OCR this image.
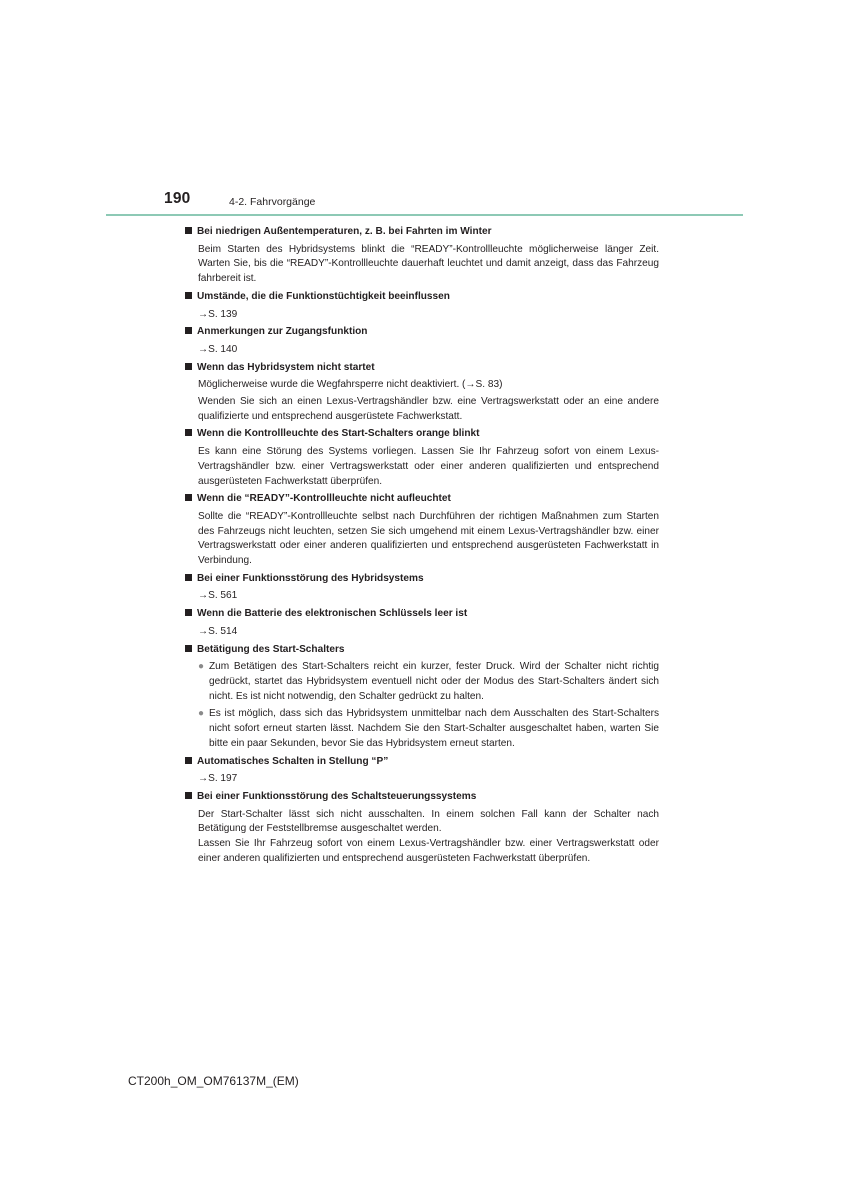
190	4-2. Fahrvorgänge
Bei niedrigen Außentemperaturen, z. B. bei Fahrten im Winter
Beim Starten des Hybridsystems blinkt die “READY”-Kontrollleuchte möglicherweise länger Zeit. Warten Sie, bis die “READY”-Kontrollleuchte dauerhaft leuchtet und damit anzeigt, dass das Fahrzeug fahrbereit ist.
Umstände, die die Funktionstüchtigkeit beeinflussen
→S. 139
Anmerkungen zur Zugangsfunktion
→S. 140
Wenn das Hybridsystem nicht startet
Möglicherweise wurde die Wegfahrsperre nicht deaktiviert. (→S. 83)
Wenden Sie sich an einen Lexus-Vertragshändler bzw. eine Vertragswerkstatt oder an eine andere qualifizierte und entsprechend ausgerüstete Fachwerkstatt.
Wenn die Kontrollleuchte des Start-Schalters orange blinkt
Es kann eine Störung des Systems vorliegen. Lassen Sie Ihr Fahrzeug sofort von einem Lexus-Vertragshändler bzw. einer Vertragswerkstatt oder einer anderen qualifizierten und entsprechend ausgerüsteten Fachwerkstatt überprüfen.
Wenn die “READY”-Kontrollleuchte nicht aufleuchtet
Sollte die “READY”-Kontrollleuchte selbst nach Durchführen der richtigen Maßnahmen zum Starten des Fahrzeugs nicht leuchten, setzen Sie sich umgehend mit einem Lexus-Vertragshändler bzw. einer Vertragswerkstatt oder einer anderen qualifizierten und entsprechend ausgerüsteten Fachwerkstatt in Verbindung.
Bei einer Funktionsstörung des Hybridsystems
→S. 561
Wenn die Batterie des elektronischen Schlüssels leer ist
→S. 514
Betätigung des Start-Schalters
● Zum Betätigen des Start-Schalters reicht ein kurzer, fester Druck. Wird der Schalter nicht richtig gedrückt, startet das Hybridsystem eventuell nicht oder der Modus des Start-Schalters ändert sich nicht. Es ist nicht notwendig, den Schalter gedrückt zu halten.
● Es ist möglich, dass sich das Hybridsystem unmittelbar nach dem Ausschalten des Start-Schalters nicht sofort erneut starten lässt. Nachdem Sie den Start-Schalter ausgeschaltet haben, warten Sie bitte ein paar Sekunden, bevor Sie das Hybridsystem erneut starten.
Automatisches Schalten in Stellung “P”
→S. 197
Bei einer Funktionsstörung des Schaltsteuerungssystems
Der Start-Schalter lässt sich nicht ausschalten. In einem solchen Fall kann der Schalter nach Betätigung der Feststellbremse ausgeschaltet werden.
Lassen Sie Ihr Fahrzeug sofort von einem Lexus-Vertragshändler bzw. einer Vertragswerkstatt oder einer anderen qualifizierten und entsprechend ausgerüsteten Fachwerkstatt überprüfen.
CT200h_OM_OM76137M_(EM)
